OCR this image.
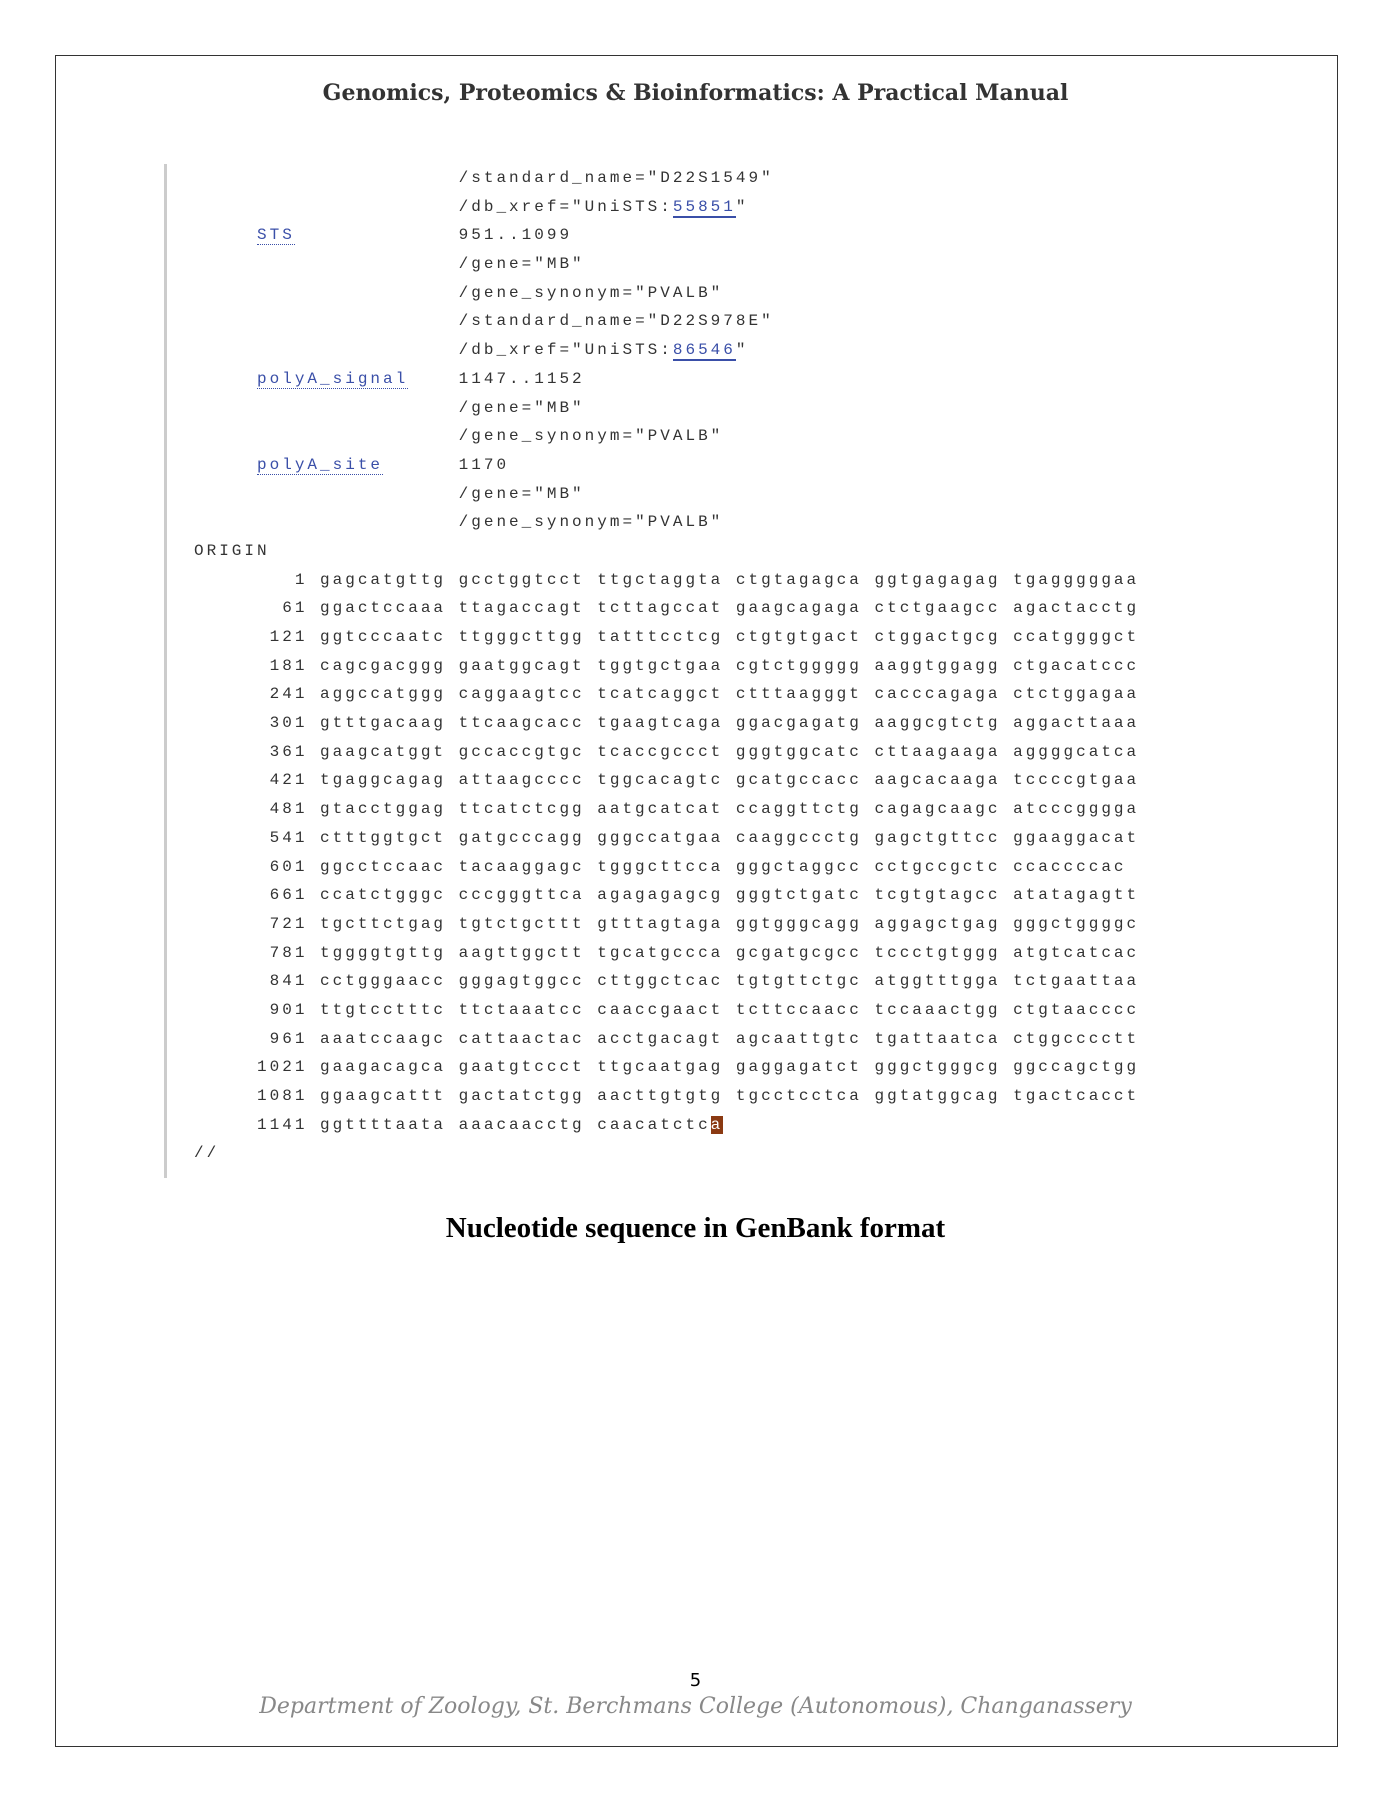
Genomics, Proteomics & Bioinformatics: A Practical Manual
/standard_name="D22S1549"
/db_xref="UniSTS:55851"
STS	951..1099
/gene="MB"
/gene_synonym="PVALB"
/standard_name="D22S978E"
/db_xref="UniSTS:86546"
polyA_signal	1147..1152
/gene="MB"
/gene_synonym="PVALB"
polyA_site	1170
/gene="MB"
/gene_synonym="PVALB"
ORIGIN
1 gagcatgttg gcctggtcct ttgctaggta ctgtagagca ggtgagagag tgagggggaa
61 ggactccaaa ttagaccagt tcttagccat gaagcagaga ctctgaagcc agactacctg
121 ggtcccaatc ttgggcttgg tatttcctcg ctgtgtgact ctggactgcg ccatggggct
181 cagcgacggg gaatggcagt tggtgctgaa cgtctggggg aaggtggagg ctgacatccc
241 aggccatggg caggaagtcc tcatcaggct ctttaagggt cacccagaga ctctggagaa
301 gtttgacaag ttcaagcacc tgaagtcaga ggacgagatg aaggcgtctg aggacttaaa
361 gaagcatggt gccaccgtgc tcaccgccct gggtggcatc cttaagaaga aggggcatca
421 tgaggcagag attaagcccc tggcacagtc gcatgccacc aagcacaaga tccccgtgaa
481 gtacctggag ttcatctcgg aatgcatcat ccaggttctg cagagcaagc atcccgggga
541 ctttggtgct gatgcccagg gggccatgaa caaggccctg gagctgttcc ggaaggacat
601 ggcctccaac tacaaggagc tgggcttcca gggctaggcc cctgccgctc ccaccccac
661 ccatctgggc cccgggttca agagagagcg gggtctgatc tcgtgtagcc atatagagtt
721 tgcttctgag tgtctgcttt gtttagtaga ggtgggcagg aggagctgag gggctggggc
781 tggggtgttg aagttggctt tgcatgccca gcgatgcgcc tccctgtggg atgtcatcac
841 cctgggaacc gggagtggcc cttggctcac tgtgttctgc atggtttgga tctgaattaa
901 ttgtcctttc ttctaaatcc caaccgaact tcttccaacc tccaaactgg ctgtaacccc
961 aaatccaagc cattaactac acctgacagt agcaattgtc tgattaatca ctggcccctt
1021 gaagacagca gaatgtccct ttgcaatgag gaggagatct gggctgggcg ggccagctgg
1081 ggaagcattt gactatctgg aacttgtgtg tgcctcctca ggtatggcag tgactcacct
1141 ggttttaata aaacaacctg caacatctca
//
Nucleotide sequence in GenBank format
5
Department of Zoology, St. Berchmans College (Autonomous), Changanassery
